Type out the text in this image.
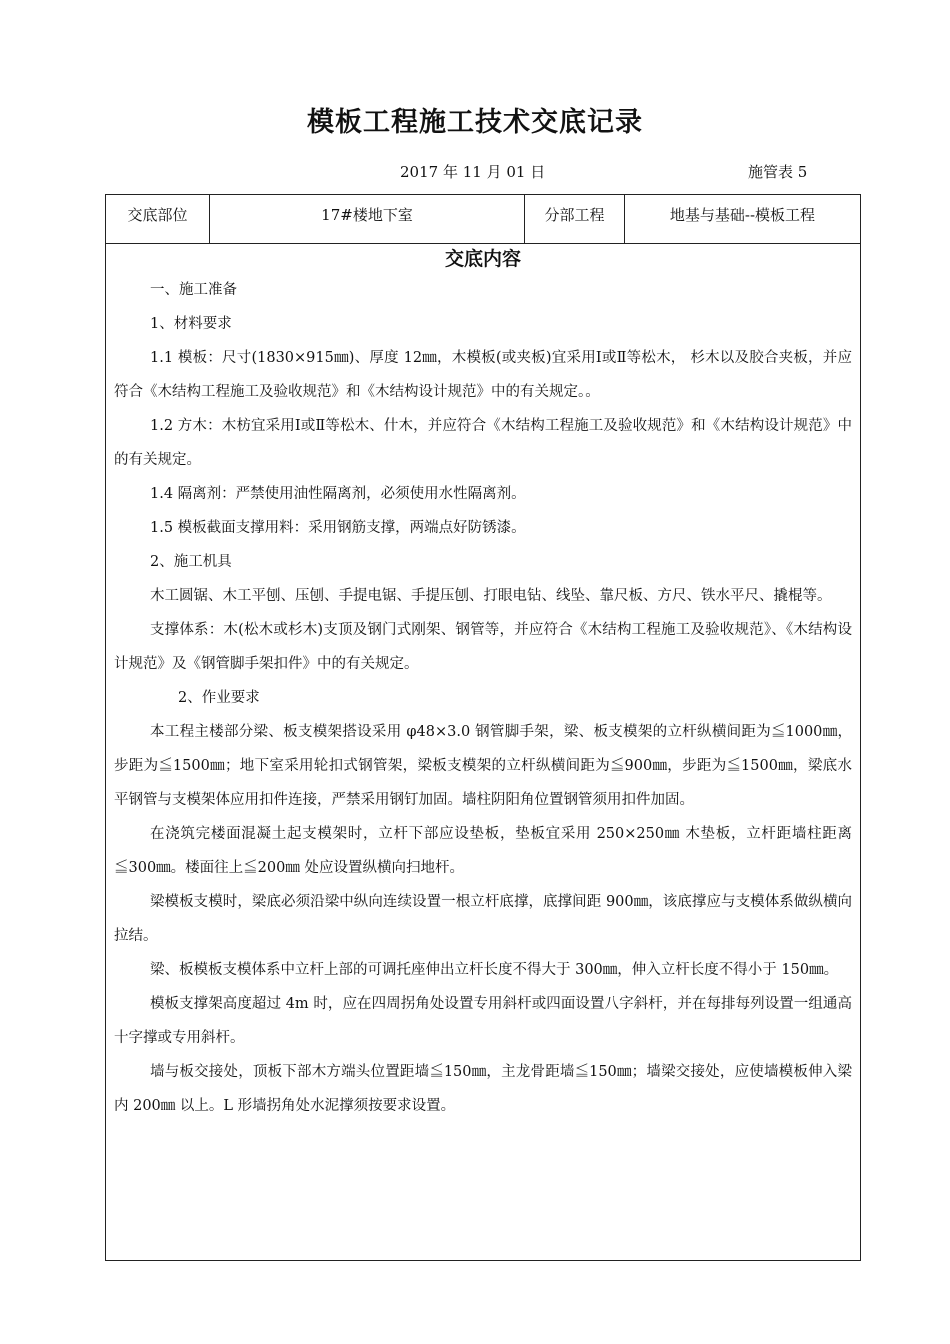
模板工程施工技术交底记录
2017 年 11 月 01 日	施管表 5
交底部位	17#楼地下室	分部工程	地基与基础--模板工程
交底内容

一、施工准备

1、材料要求

1.1 模板：尺寸(1830×915㎜)、厚度 12㎜，木模板(或夹板)宜采用Ⅰ或Ⅱ等松木， 杉木以及胶合夹板，并应符合《木结构工程施工及验收规范》和《木结构设计规范》中的有关规定。。

1.2 方木：木枋宜采用Ⅰ或Ⅱ等松木、什木，并应符合《木结构工程施工及验收规范》和《木结构设计规范》中的有关规定。

1.4 隔离剂：严禁使用油性隔离剂，必须使用水性隔离剂。

1.5 模板截面支撑用料：采用钢筋支撑，两端点好防锈漆。

2、施工机具

木工圆锯、木工平刨、压刨、手提电锯、手提压刨、打眼电钻、线坠、靠尺板、方尺、铁水平尺、撬棍等。

支撑体系：木(松木或杉木)支顶及钢门式刚架、钢管等，并应符合《木结构工程施工及验收规范》、《木结构设计规范》及《钢管脚手架扣件》中的有关规定。

2、作业要求

本工程主楼部分梁、板支模架搭设采用 φ48×3.0 钢管脚手架，梁、板支模架的立杆纵横间距为≦1000㎜，步距为≦1500㎜；地下室采用轮扣式钢管架，梁板支模架的立杆纵横间距为≦900㎜，步距为≦1500㎜，梁底水平钢管与支模架体应用扣件连接，严禁采用钢钉加固。墙柱阴阳角位置钢管须用扣件加固。

在浇筑完楼面混凝土起支模架时，立杆下部应设垫板，垫板宜采用 250×250㎜ 木垫板，立杆距墙柱距离≦300㎜。楼面往上≦200㎜ 处应设置纵横向扫地杆。

梁模板支模时，梁底必须沿梁中纵向连续设置一根立杆底撑，底撑间距 900㎜，该底撑应与支模体系做纵横向拉结。

梁、板模板支模体系中立杆上部的可调托座伸出立杆长度不得大于 300㎜，伸入立杆长度不得小于 150㎜。

模板支撑架高度超过 4m 时，应在四周拐角处设置专用斜杆或四面设置八字斜杆，并在每排每列设置一组通高十字撑或专用斜杆。

墙与板交接处，顶板下部木方端头位置距墙≦150㎜，主龙骨距墙≦150㎜；墙梁交接处，应使墙模板伸入梁内 200㎜ 以上。L 形墙拐角处水泥撑须按要求设置。
